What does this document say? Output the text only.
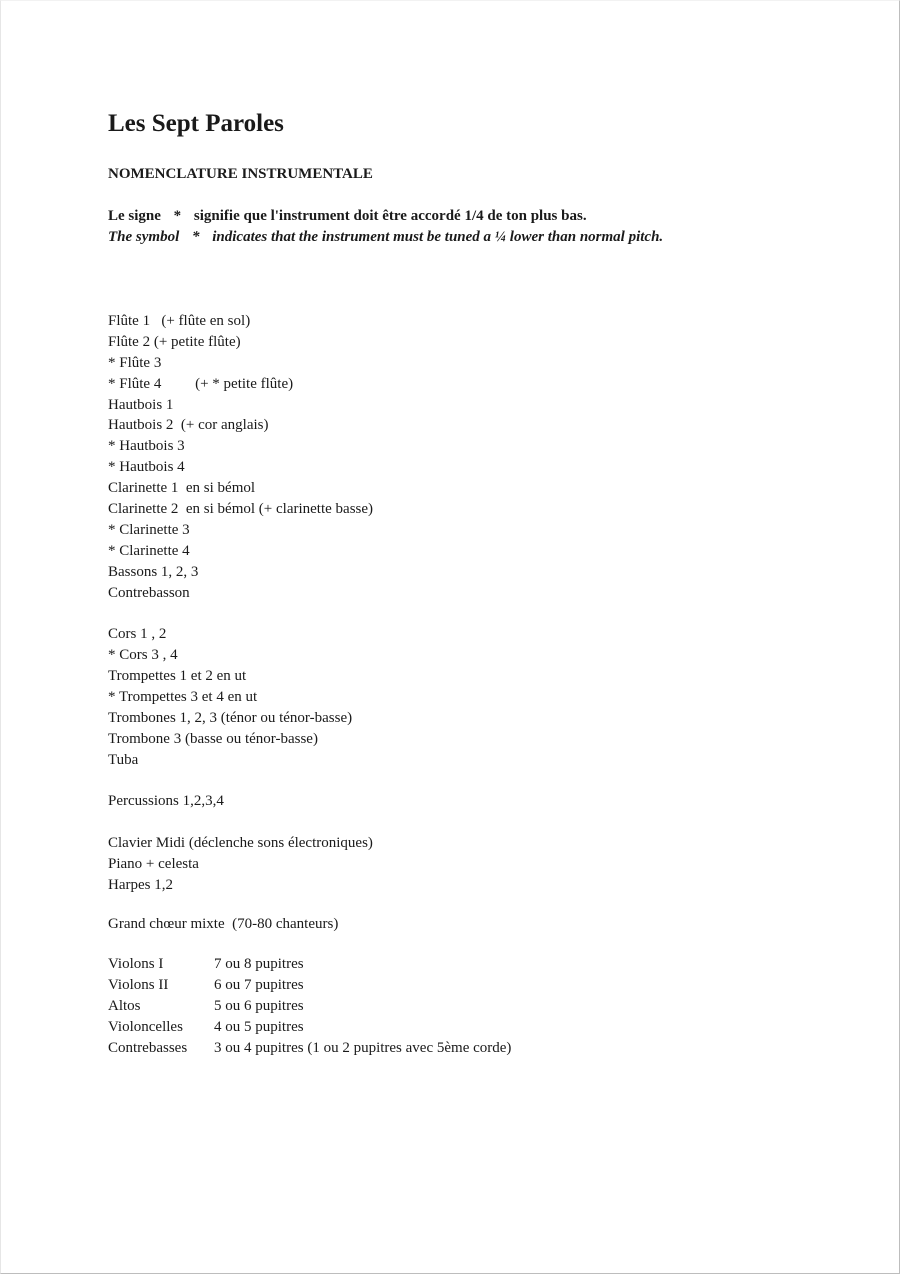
Les Sept Paroles
NOMENCLATURE INSTRUMENTALE
Le signe * signifie que l'instrument doit être accordé 1/4 de ton plus bas.
The symbol * indicates that the instrument must be tuned a ¼ lower than normal pitch.
Flûte 1   (+ flûte en sol)
Flûte 2 (+ petite flûte)
* Flûte 3
* Flûte 4         (+ * petite flûte)
Hautbois 1
Hautbois 2  (+ cor anglais)
* Hautbois 3
* Hautbois 4
Clarinette 1  en si bémol
Clarinette 2  en si bémol (+ clarinette basse)
* Clarinette 3
* Clarinette 4
Bassons 1, 2, 3
Contrebasson
Cors 1 , 2
* Cors 3 , 4
Trompettes 1 et 2 en ut
* Trompettes 3 et 4 en ut
Trombones 1, 2, 3 (ténor ou ténor-basse)
Trombone 3 (basse ou ténor-basse)
Tuba
Percussions 1,2,3,4
Clavier Midi (déclenche sons électroniques)
Piano + celesta
Harpes 1,2
Grand chœur mixte  (70-80 chanteurs)
Violons I	7 ou 8 pupitres
Violons II	6 ou 7 pupitres
Altos	5 ou 6 pupitres
Violoncelles	4 ou 5 pupitres
Contrebasses	3 ou 4 pupitres (1 ou 2 pupitres avec 5ème corde)
